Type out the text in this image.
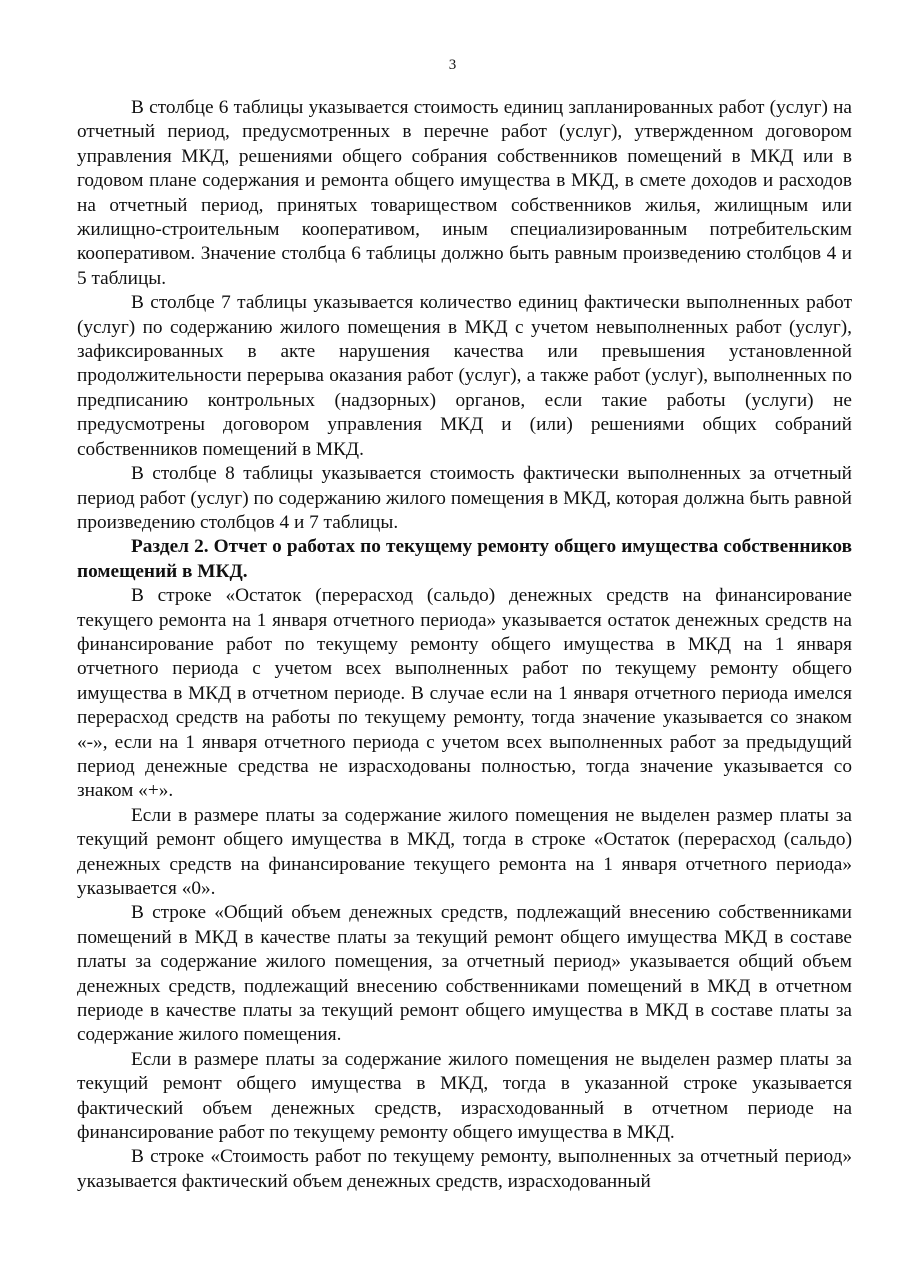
3

В столбце 6 таблицы указывается стоимость единиц запланированных работ (услуг) на отчетный период, предусмотренных в перечне работ (услуг), утвержденном договором управления МКД, решениями общего собрания собственников помещений в МКД или в годовом плане содержания и ремонта общего имущества в МКД, в смете доходов и расходов на отчетный период, принятых товариществом собственников жилья, жилищным или жилищно-строительным кооперативом, иным специализированным потребительским кооперативом. Значение столбца 6 таблицы должно быть равным произведению столбцов 4 и 5 таблицы.

В столбце 7 таблицы указывается количество единиц фактически выполненных работ (услуг) по содержанию жилого помещения в МКД с учетом невыполненных работ (услуг), зафиксированных в акте нарушения качества или превышения установленной продолжительности перерыва оказания работ (услуг), а также работ (услуг), выполненных по предписанию контрольных (надзорных) органов, если такие работы (услуги) не предусмотрены договором управления МКД и (или) решениями общих собраний собственников помещений в МКД.

В столбце 8 таблицы указывается стоимость фактически выполненных за отчетный период работ (услуг) по содержанию жилого помещения в МКД, которая должна быть равной произведению столбцов 4 и 7 таблицы.

Раздел 2. Отчет о работах по текущему ремонту общего имущества собственников помещений в МКД.

В строке «Остаток (перерасход (сальдо) денежных средств на финансирование текущего ремонта на 1 января отчетного периода» указывается остаток денежных средств на финансирование работ по текущему ремонту общего имущества в МКД на 1 января отчетного периода с учетом всех выполненных работ по текущему ремонту общего имущества в МКД в отчетном периоде. В случае если на 1 января отчетного периода имелся перерасход средств на работы по текущему ремонту, тогда значение указывается со знаком «-», если на 1 января отчетного периода с учетом всех выполненных работ за предыдущий период денежные средства не израсходованы полностью, тогда значение указывается со знаком «+».

Если в размере платы за содержание жилого помещения не выделен размер платы за текущий ремонт общего имущества в МКД, тогда в строке «Остаток (перерасход (сальдо) денежных средств на финансирование текущего ремонта на 1 января отчетного периода» указывается «0».

В строке «Общий объем денежных средств, подлежащий внесению собственниками помещений в МКД в качестве платы за текущий ремонт общего имущества МКД в составе платы за содержание жилого помещения, за отчетный период» указывается общий объем денежных средств, подлежащий внесению собственниками помещений в МКД в отчетном периоде в качестве платы за текущий ремонт общего имущества в МКД в составе платы за содержание жилого помещения.

Если в размере платы за содержание жилого помещения не выделен размер платы за текущий ремонт общего имущества в МКД, тогда в указанной строке указывается фактический объем денежных средств, израсходованный в отчетном периоде на финансирование работ по текущему ремонту общего имущества в МКД.

В строке «Стоимость работ по текущему ремонту, выполненных за отчетный период» указывается фактический объем денежных средств, израсходованный
